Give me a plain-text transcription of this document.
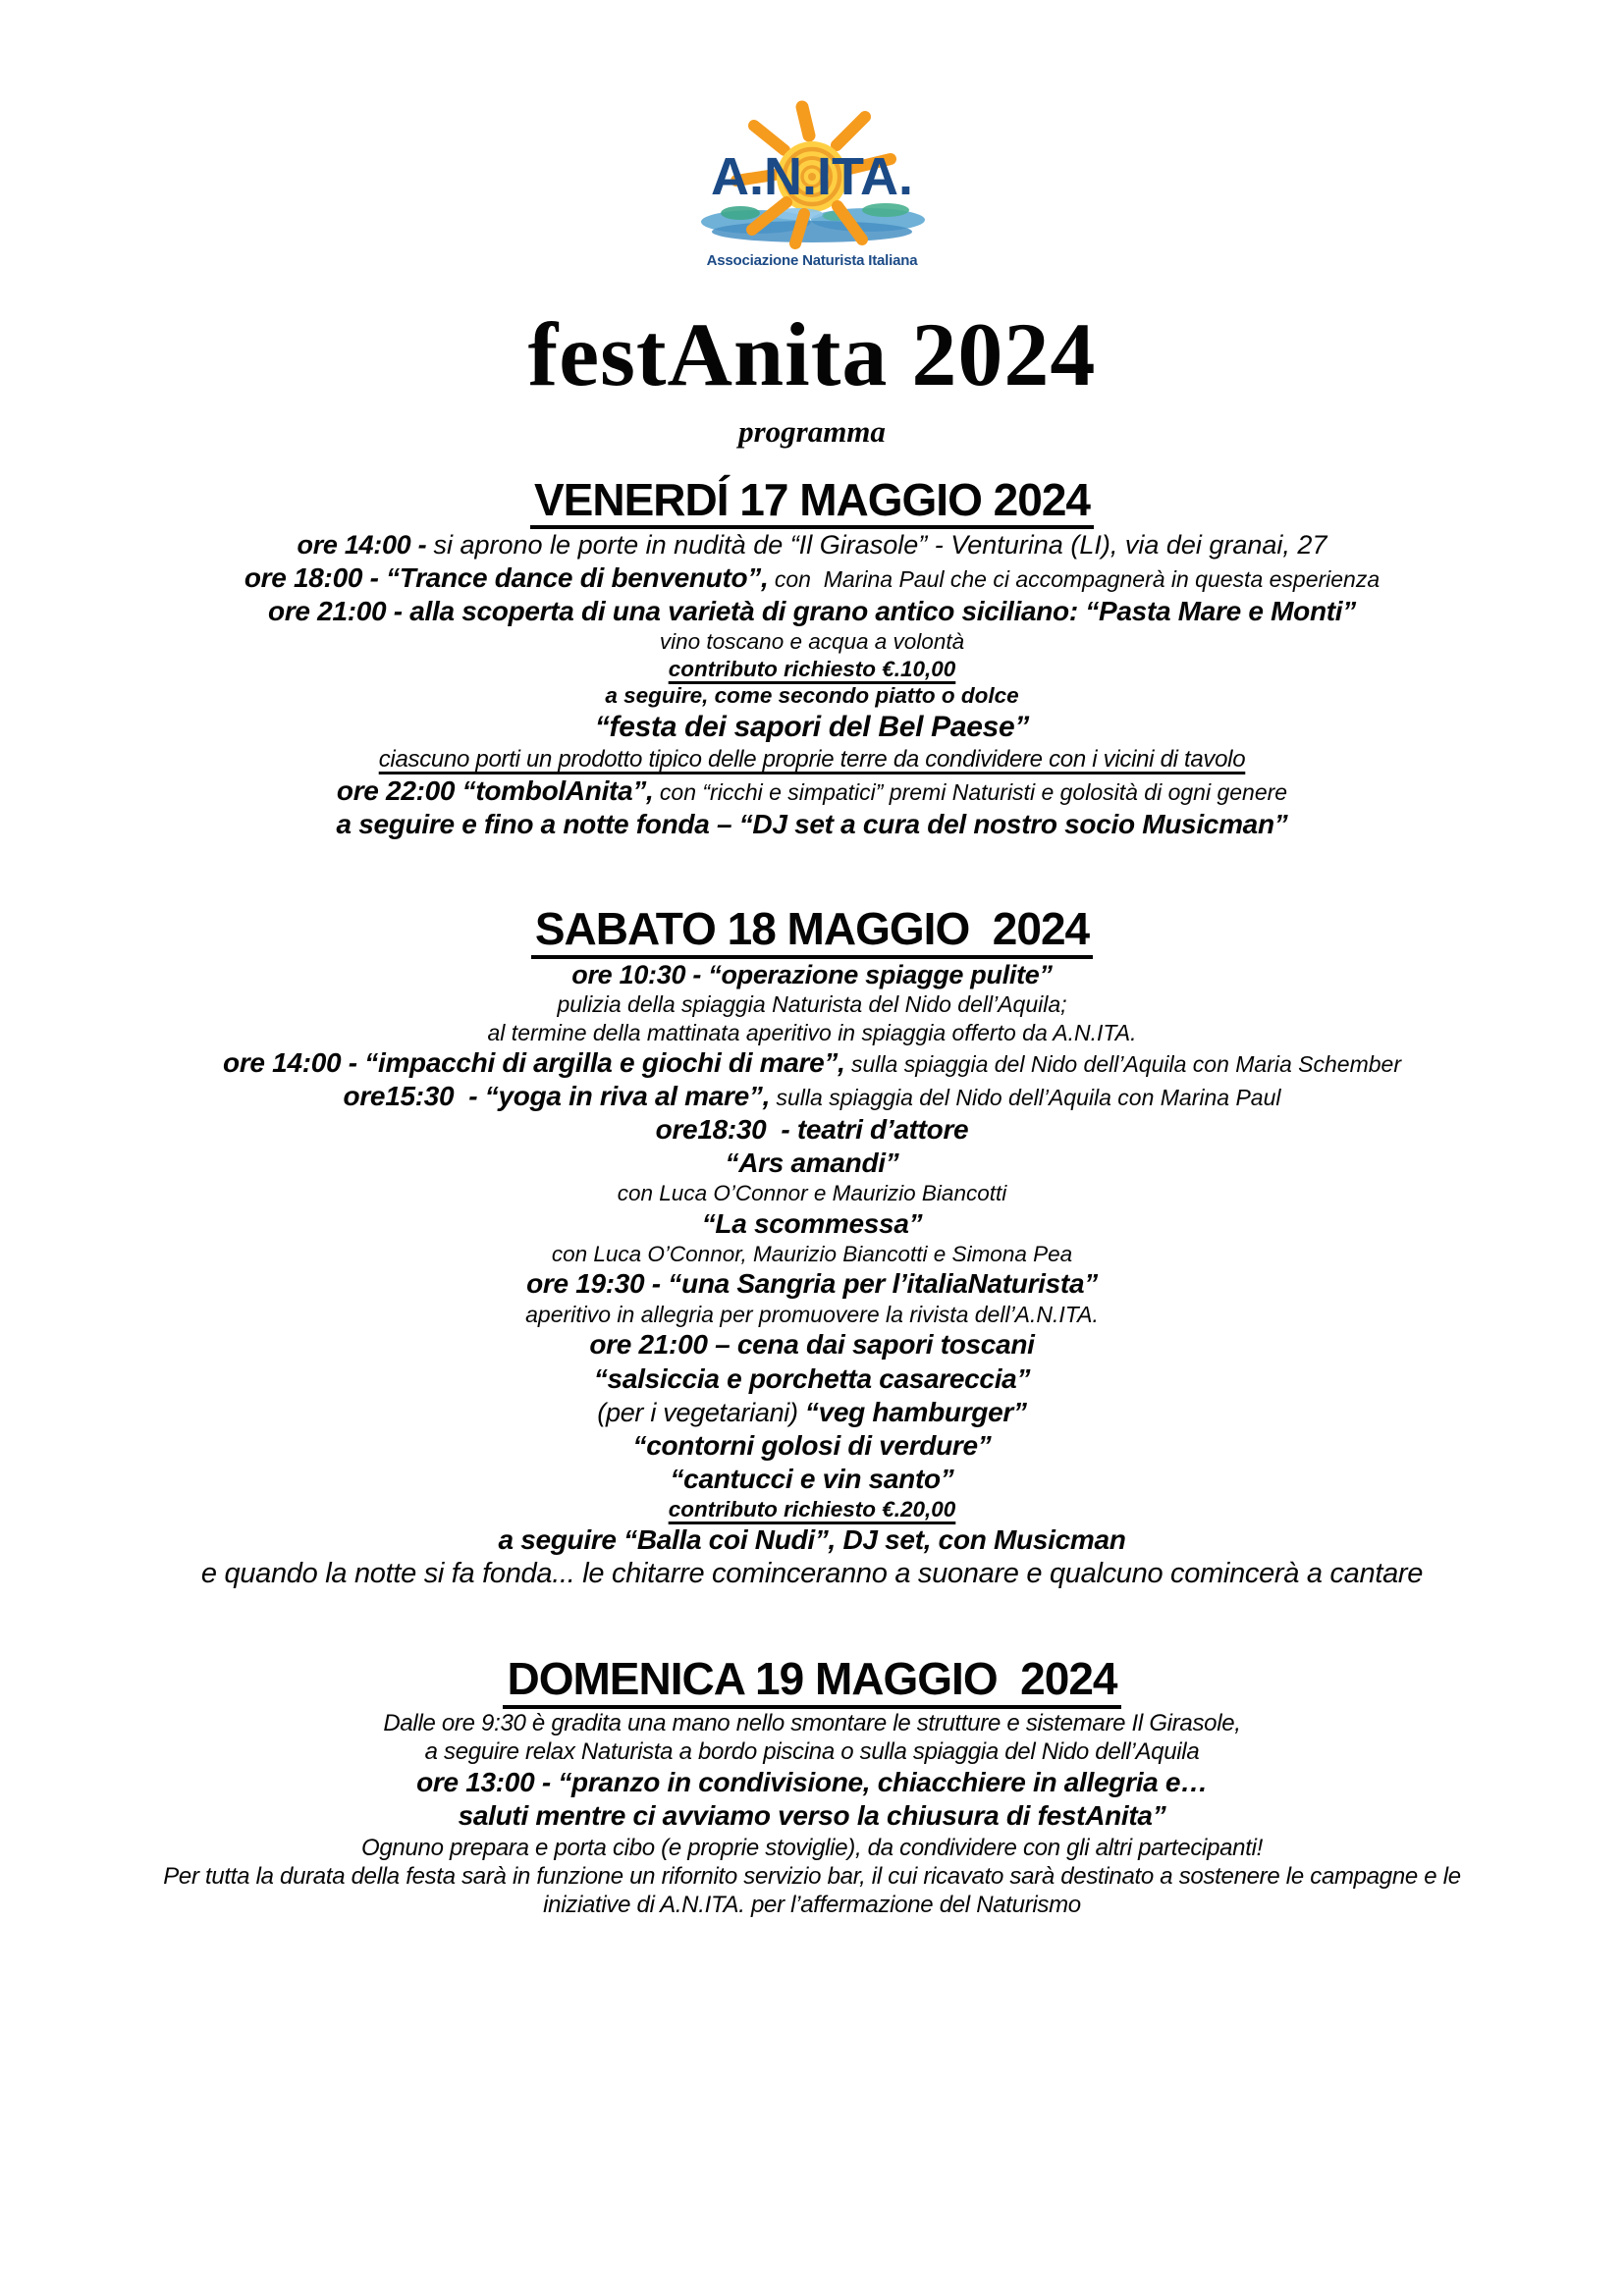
A.N.ITA.
Associazione Naturista Italiana
festAnita 2024
programma
VENERDÍ 17 MAGGIO 2024

ore 14:00 - si aprono le porte in nudità de “Il Girasole” - Venturina (LI), via dei granai, 27

ore 18:00 - “Trance dance di benvenuto”, con  Marina Paul che ci accompagnerà in questa esperienza

ore 21:00 - alla scoperta di una varietà di grano antico siciliano: “Pasta Mare e Monti”

vino toscano e acqua a volontà

contributo richiesto €.10,00

a seguire, come secondo piatto o dolce

“festa dei sapori del Bel Paese”

ciascuno porti un prodotto tipico delle proprie terre da condividere con i vicini di tavolo

ore 22:00 “tombolAnita”, con “ricchi e simpatici” premi Naturisti e golosità di ogni genere

a seguire e fino a notte fonda – “DJ set a cura del nostro socio Musicman”

SABATO 18 MAGGIO  2024

ore 10:30 - “operazione spiagge pulite”

pulizia della spiaggia Naturista del Nido dell’Aquila;

al termine della mattinata aperitivo in spiaggia offerto da A.N.ITA.

ore 14:00 - “impacchi di argilla e giochi di mare”, sulla spiaggia del Nido dell’Aquila con Maria Schember

ore15:30  - “yoga in riva al mare”, sulla spiaggia del Nido dell’Aquila con Marina Paul

ore18:30  - teatri d’attore

“Ars amandi”

con Luca O’Connor e Maurizio Biancotti

“La scommessa”

con Luca O’Connor, Maurizio Biancotti e Simona Pea

ore 19:30 - “una Sangria per l’italiaNaturista”

aperitivo in allegria per promuovere la rivista dell’A.N.ITA.

ore 21:00 – cena dai sapori toscani

“salsiccia e porchetta casareccia”

(per i vegetariani) “veg hamburger”

“contorni golosi di verdure”

“cantucci e vin santo”

contributo richiesto €.20,00

a seguire “Balla coi Nudi”, DJ set, con Musicman

e quando la notte si fa fonda... le chitarre cominceranno a suonare e qualcuno comincerà a cantare

DOMENICA 19 MAGGIO  2024

Dalle ore 9:30 è gradita una mano nello smontare le strutture e sistemare Il Girasole,

a seguire relax Naturista a bordo piscina o sulla spiaggia del Nido dell’Aquila

ore 13:00 - “pranzo in condivisione, chiacchiere in allegria e…

saluti mentre ci avviamo verso la chiusura di festAnita”

Ognuno prepara e porta cibo (e proprie stoviglie), da condividere con gli altri partecipanti!

Per tutta la durata della festa sarà in funzione un rifornito servizio bar, il cui ricavato sarà destinato a sostenere le campagne e le

iniziative di A.N.ITA. per l’affermazione del Naturismo
